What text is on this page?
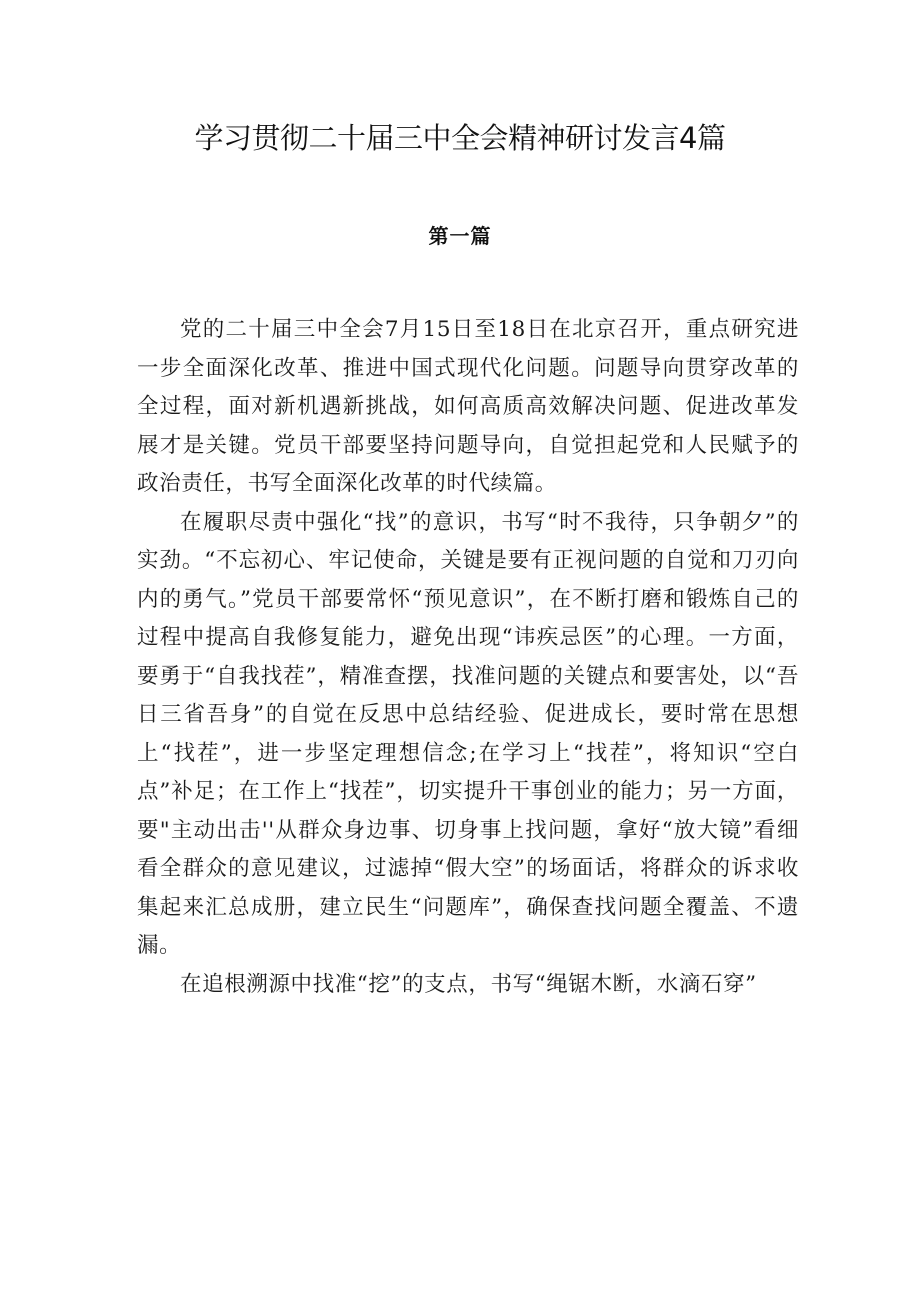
学习贯彻二十届三中全会精神研讨发言4篇
第一篇

党的二十届三中全会7月15日至18日在北京召开，重点研究进一步全面深化改革、推进中国式现代化问题。问题导向贯穿改革的全过程，面对新机遇新挑战，如何高质高效解决问题、促进改革发展才是关键。党员干部要坚持问题导向，自觉担起党和人民赋予的政治责任，书写全面深化改革的时代续篇。

在履职尽责中强化“找”的意识，书写“时不我待，只争朝夕”的实劲。“不忘初心、牢记使命，关键是要有正视问题的自觉和刀刃向内的勇气。”党员干部要常怀“预见意识”，在不断打磨和锻炼自己的过程中提高自我修复能力，避免出现“讳疾忌医”的心理。一方面，要勇于“自我找茬”，精准查摆，找准问题的关键点和要害处，以“吾日三省吾身”的自觉在反思中总结经验、促进成长，要时常在思想上“找茬”，进一步坚定理想信念;在学习上“找茬”，将知识“空白点”补足；在工作上“找茬”，切实提升干事创业的能力；另一方面，要"主动出击''从群众身边事、切身事上找问题，拿好“放大镜”看细看全群众的意见建议，过滤掉“假大空”的场面话，将群众的诉求收集起来汇总成册，建立民生“问题库”，确保查找问题全覆盖、不遗漏。

在追根溯源中找准“挖”的支点，书写“绳锯木断，水滴石穿”
